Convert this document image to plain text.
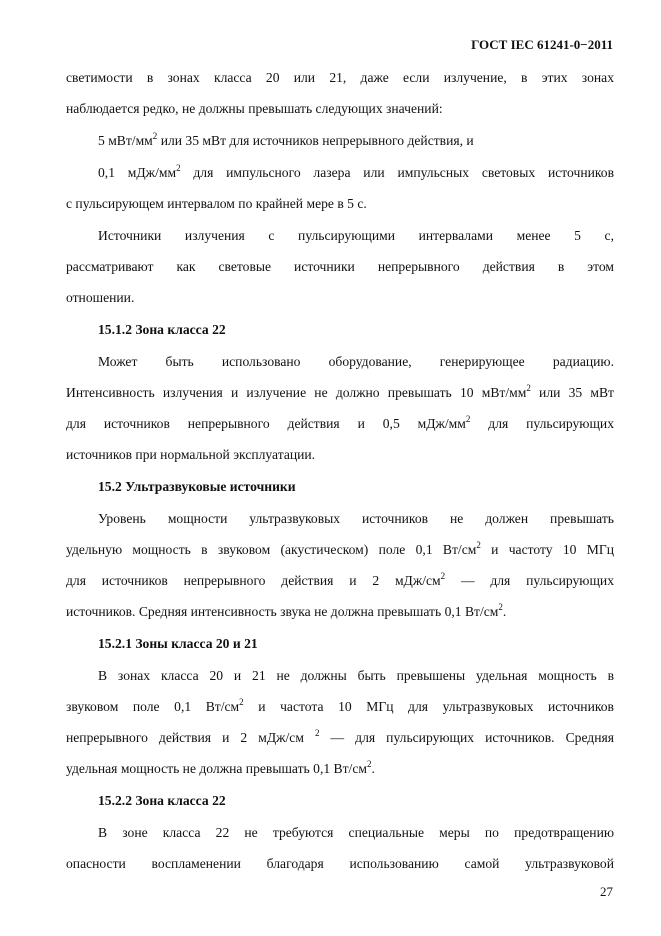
ГОСТ IEC 61241-0−2011
светимости в зонах класса 20 или 21, даже если излучение, в этих зонах
наблюдается редко, не должны превышать следующих значений:
5 мВт/$мм^2$ или 35 мВт для источников непрерывного действия, и
0,1 мДж/$мм^2$ для импульсного лазера или импульсных световых источников
с пульсирующем интервалом по крайней мере в 5 с.
Источники излучения с пульсирующими интервалами менее 5 с,
рассматривают как световые источники непрерывного действия в этом
отношении.
15.1.2 Зона класса 22
Может быть использовано оборудование, генерирующее радиацию.
Интенсивность излучения и излучение не должно превышать 10 мВт/$мм^2$ или 35 мВт
для источников непрерывного действия и 0,5 мДж/$мм^2$ для пульсирующих
источников при нормальной эксплуатации.
15.2 Ультразвуковые источники
Уровень мощности ультразвуковых источников не должен превышать
удельную мощность в звуковом (акустическом) поле 0,1 $Вт/см^2$ и частоту 10 МГц
для источников непрерывного действия и 2 мДж/$см^2$ — для пульсирующих
источников. Средняя интенсивность звука не должна превышать 0,1 $Вт/см^2$.
15.2.1 Зоны класса 20 и 21
В зонах класса 20 и 21 не должны быть превышены удельная мощность в
звуковом поле 0,1 $Вт/см^2$ и частота 10 МГц для ультразвуковых источников
непрерывного действия и 2 мДж/см $^2$ — для пульсирующих источников. Средняя
удельная мощность не должна превышать 0,1 $Вт/см^2$.
15.2.2 Зона класса 22
В зоне класса 22 не требуются специальные меры по предотвращению
опасности воспламенении благодаря использованию самой ультразвуковой
27
